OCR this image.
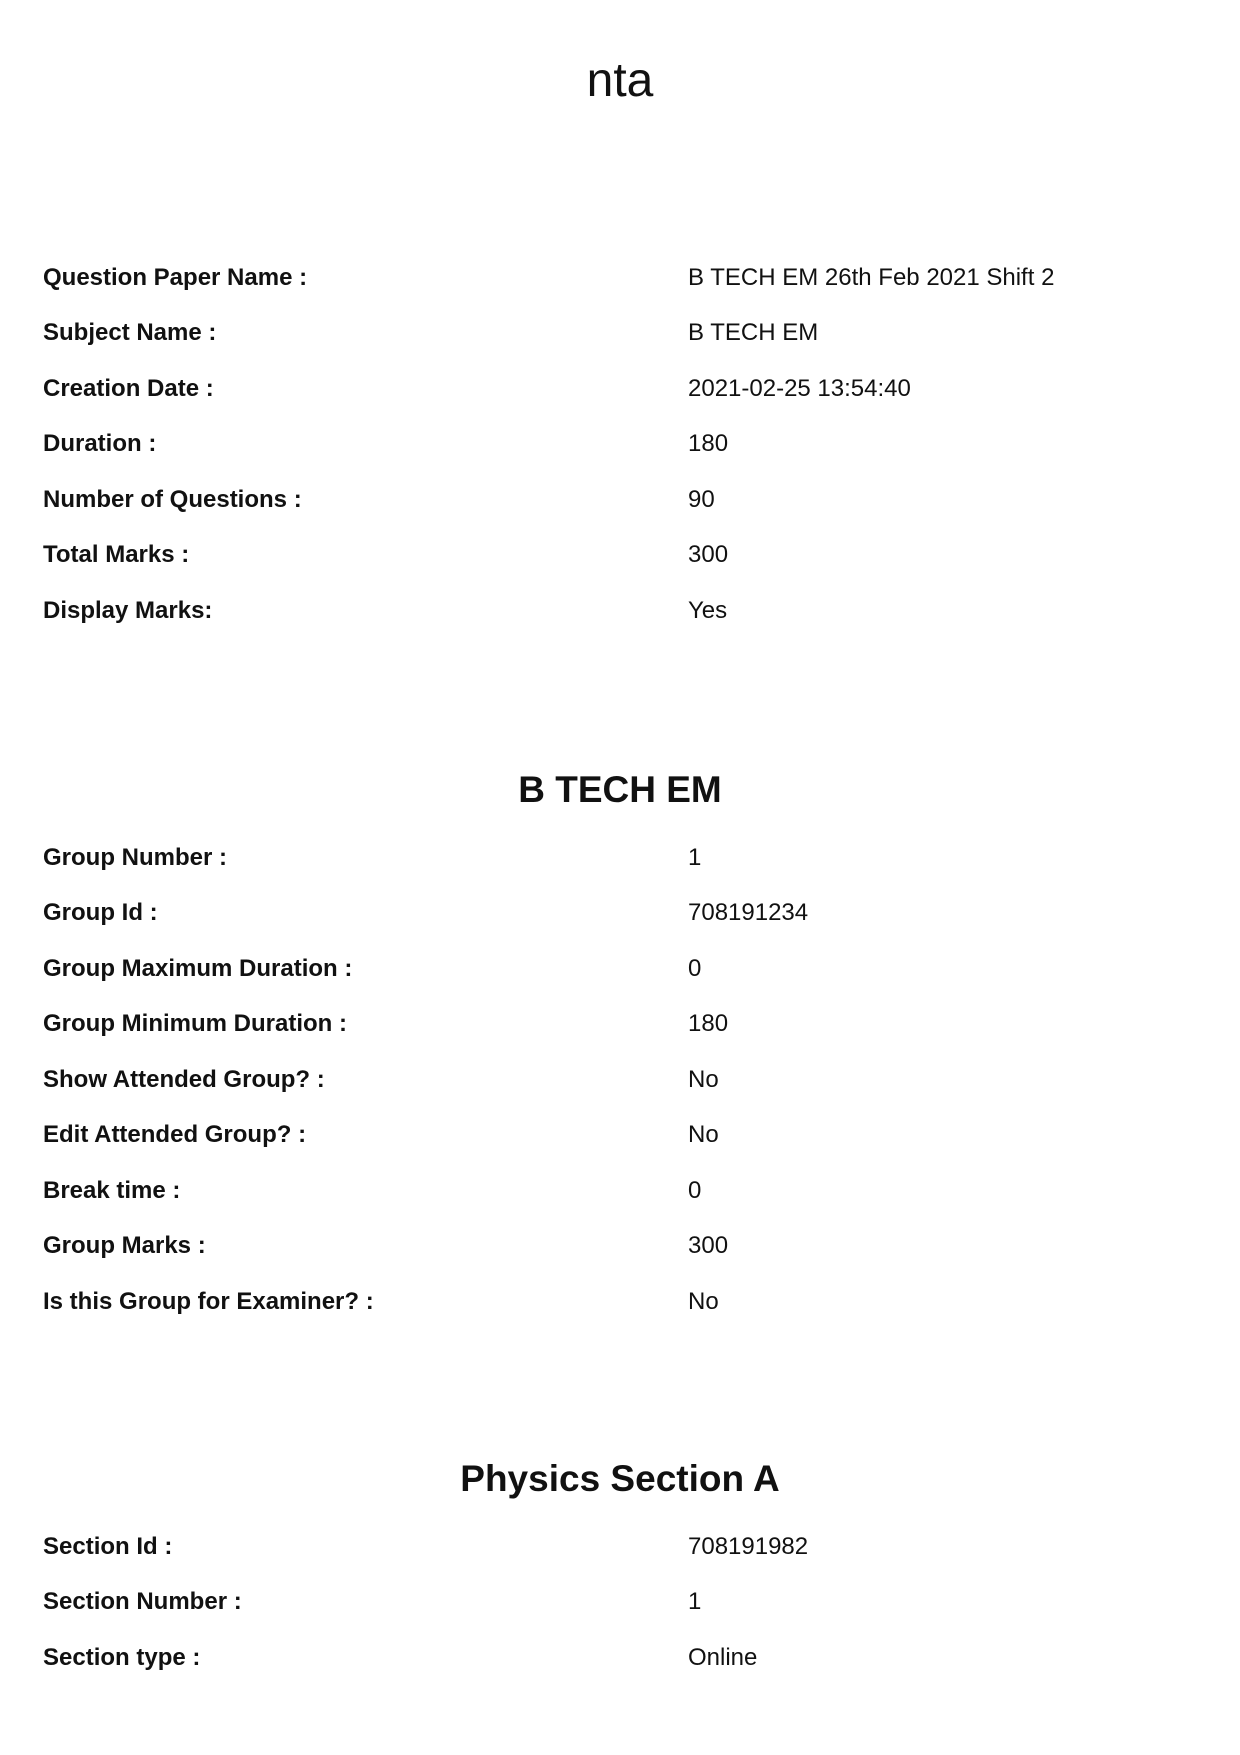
nta
Question Paper Name :	B TECH EM 26th Feb 2021 Shift 2
Subject Name :	B TECH EM
Creation Date :	2021-02-25 13:54:40
Duration :	180
Number of Questions :	90
Total Marks :	300
Display Marks:	Yes
B TECH EM
Group Number :	1
Group Id :	708191234
Group Maximum Duration :	0
Group Minimum Duration :	180
Show Attended Group? :	No
Edit Attended Group? :	No
Break time :	0
Group Marks :	300
Is this Group for Examiner? :	No
Physics Section A
Section Id :	708191982
Section Number :	1
Section type :	Online
